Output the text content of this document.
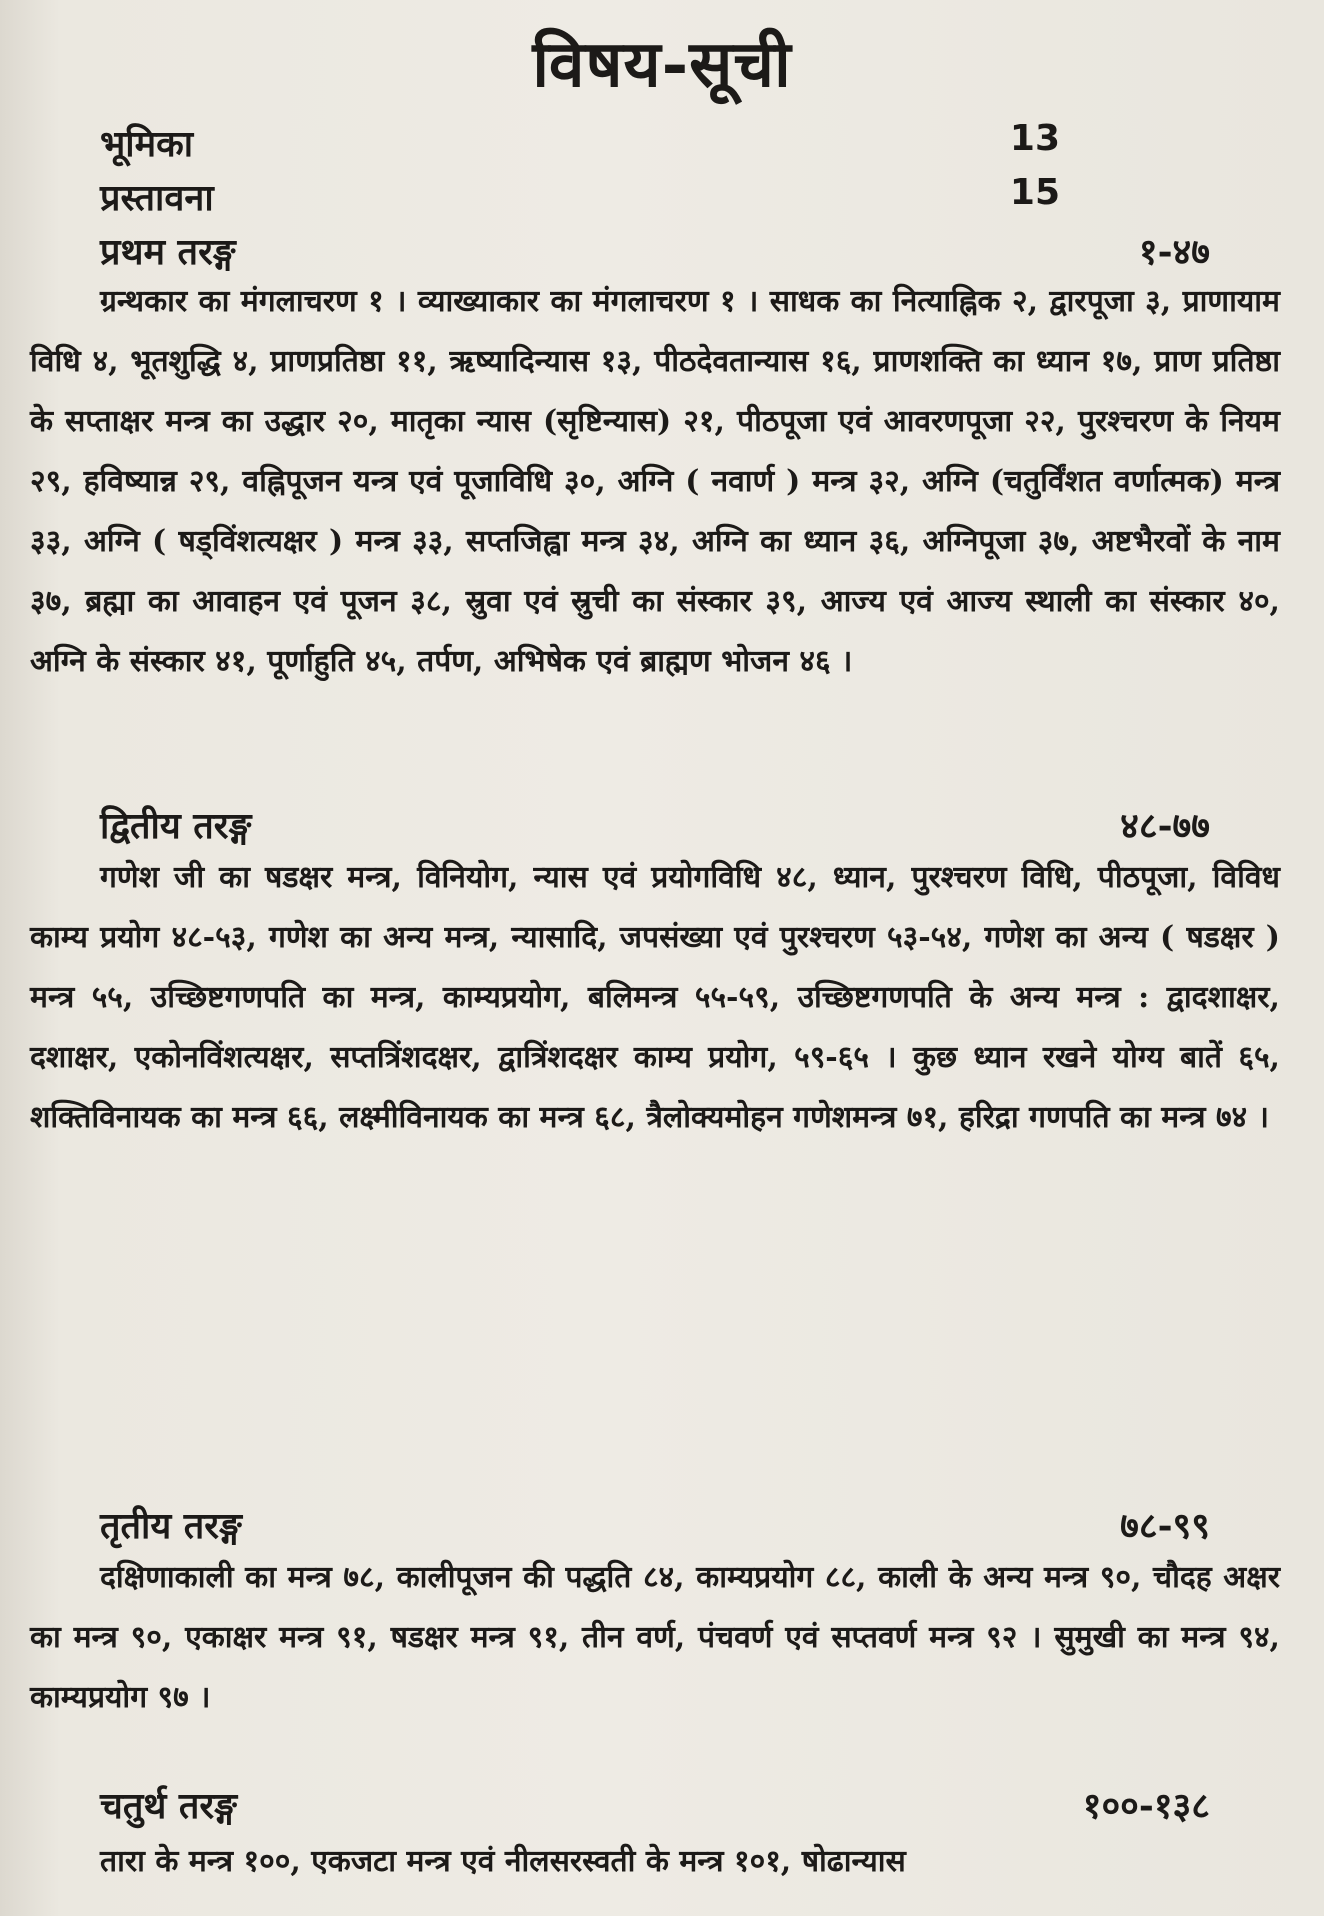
विषय-सूची
भूमिका	13
प्रस्तावना	15
प्रथम तरङ्ग	१-४७

ग्रन्थकार का मंगलाचरण १ । व्याख्याकार का मंगलाचरण १ । साधक का नित्याह्निक २, द्वारपूजा ३, प्राणायाम विधि ४, भूतशुद्धि ४, प्राणप्रतिष्ठा ११, ऋष्यादिन्यास १३, पीठदेवतान्यास १६, प्राणशक्ति का ध्यान १७, प्राण प्रतिष्ठा के सप्ताक्षर मन्त्र का उद्धार २०, मातृका न्यास (सृष्टिन्यास) २१, पीठपूजा एवं आवरणपूजा २२, पुरश्चरण के नियम २९, हविष्यान्न २९, वह्निपूजन यन्त्र एवं पूजाविधि ३०, अग्नि ( नवार्ण ) मन्त्र ३२, अग्नि (चतुर्विंशत वर्णात्मक) मन्त्र ३३, अग्नि ( षड्विंशत्यक्षर ) मन्त्र ३३, सप्तजिह्वा मन्त्र ३४, अग्नि का ध्यान ३६, अग्निपूजा ३७, अष्टभैरवों के नाम ३७, ब्रह्मा का आवाहन एवं पूजन ३८, स्रुवा एवं स्रुची का संस्कार ३९, आज्य एवं आज्य स्थाली का संस्कार ४०, अग्नि के संस्कार ४१, पूर्णाहुति ४५, तर्पण, अभिषेक एवं ब्राह्मण भोजन ४६ ।

द्वितीय तरङ्ग	४८-७७

गणेश जी का षडक्षर मन्त्र, विनियोग, न्यास एवं प्रयोगविधि ४८, ध्यान, पुरश्चरण विधि, पीठपूजा, विविध काम्य प्रयोग ४८-५३, गणेश का अन्य मन्त्र, न्यासादि, जपसंख्या एवं पुरश्चरण ५३-५४, गणेश का अन्य ( षडक्षर ) मन्त्र ५५, उच्छिष्टगणपति का मन्त्र, काम्यप्रयोग, बलिमन्त्र ५५-५९, उच्छिष्टगणपति के अन्य मन्त्र : द्वादशाक्षर, दशाक्षर, एकोनविंशत्यक्षर, सप्तत्रिंशदक्षर, द्वात्रिंशदक्षर काम्य प्रयोग, ५९-६५ । कुछ ध्यान रखने योग्य बातें ६५, शक्तिविनायक का मन्त्र ६६, लक्ष्मीविनायक का मन्त्र ६८, त्रैलोक्यमोहन गणेशमन्त्र ७१, हरिद्रा गणपति का मन्त्र ७४ ।

तृतीय तरङ्ग	७८-९९

दक्षिणाकाली का मन्त्र ७८, कालीपूजन की पद्धति ८४, काम्यप्रयोग ८८, काली के अन्य मन्त्र ९०, चौदह अक्षर का मन्त्र ९०, एकाक्षर मन्त्र ९१, षडक्षर मन्त्र ९१, तीन वर्ण, पंचवर्ण एवं सप्तवर्ण मन्त्र ९२ । सुमुखी का मन्त्र ९४, काम्यप्रयोग ९७ ।

चतुर्थ तरङ्ग	१००-१३८

तारा के मन्त्र १००, एकजटा मन्त्र एवं नीलसरस्वती के मन्त्र १०१, षोढान्यास
